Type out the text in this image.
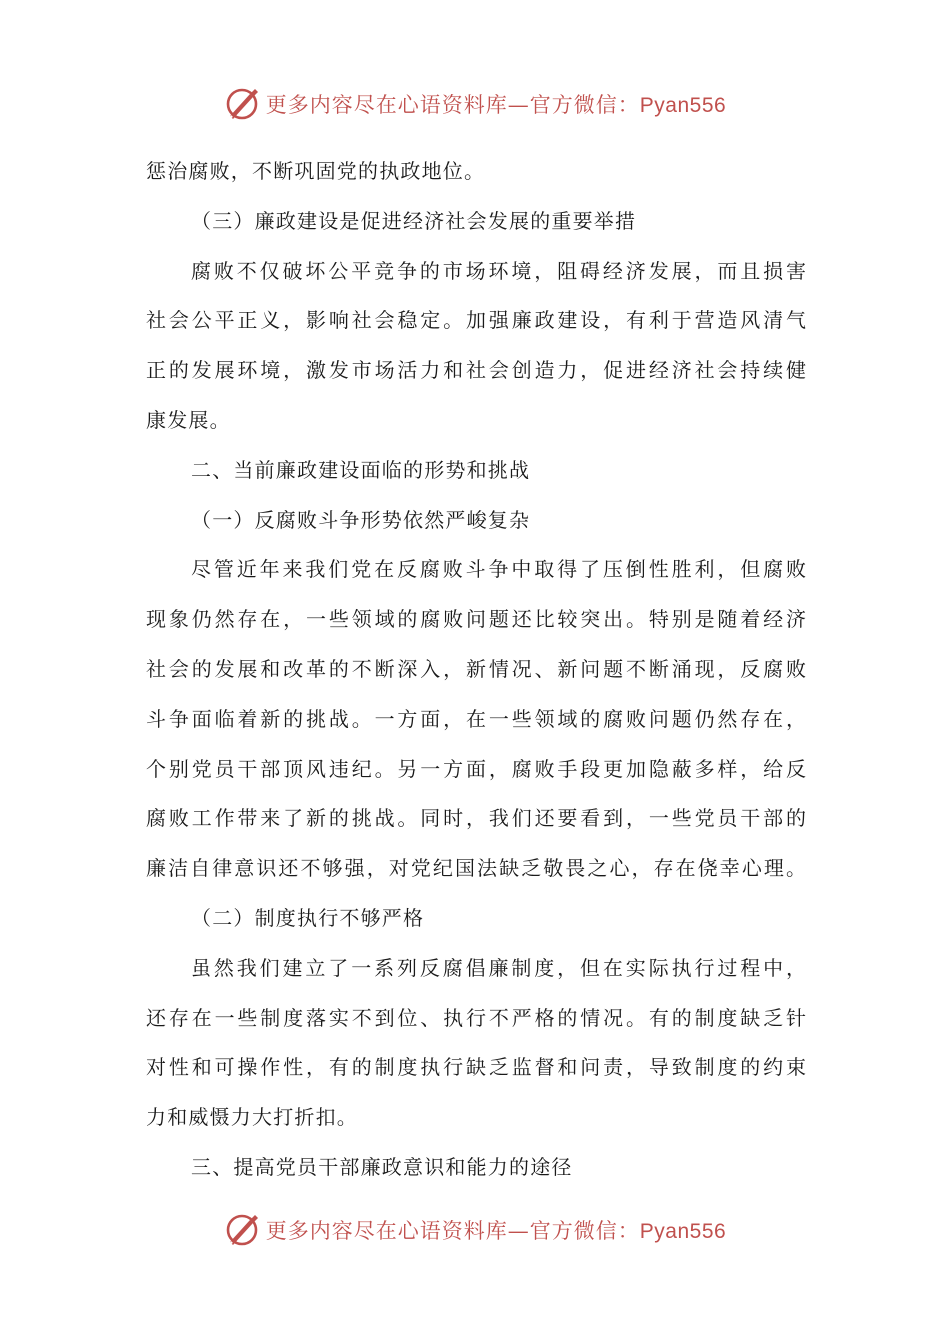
更多内容尽在心语资料库—官方微信：Pyan556
惩治腐败，不断巩固党的执政地位。
（三）廉政建设是促进经济社会发展的重要举措
腐败不仅破坏公平竞争的市场环境，阻碍经济发展，而且损害
社会公平正义，影响社会稳定。加强廉政建设，有利于营造风清气
正的发展环境，激发市场活力和社会创造力，促进经济社会持续健
康发展。
二、当前廉政建设面临的形势和挑战
（一）反腐败斗争形势依然严峻复杂
尽管近年来我们党在反腐败斗争中取得了压倒性胜利，但腐败
现象仍然存在，一些领域的腐败问题还比较突出。特别是随着经济
社会的发展和改革的不断深入，新情况、新问题不断涌现，反腐败
斗争面临着新的挑战。一方面，在一些领域的腐败问题仍然存在，
个别党员干部顶风违纪。另一方面，腐败手段更加隐蔽多样，给反
腐败工作带来了新的挑战。同时，我们还要看到，一些党员干部的
廉洁自律意识还不够强，对党纪国法缺乏敬畏之心，存在侥幸心理。
（二）制度执行不够严格
虽然我们建立了一系列反腐倡廉制度，但在实际执行过程中，
还存在一些制度落实不到位、执行不严格的情况。有的制度缺乏针
对性和可操作性，有的制度执行缺乏监督和问责，导致制度的约束
力和威慑力大打折扣。
三、提高党员干部廉政意识和能力的途径
更多内容尽在心语资料库—官方微信：Pyan556
